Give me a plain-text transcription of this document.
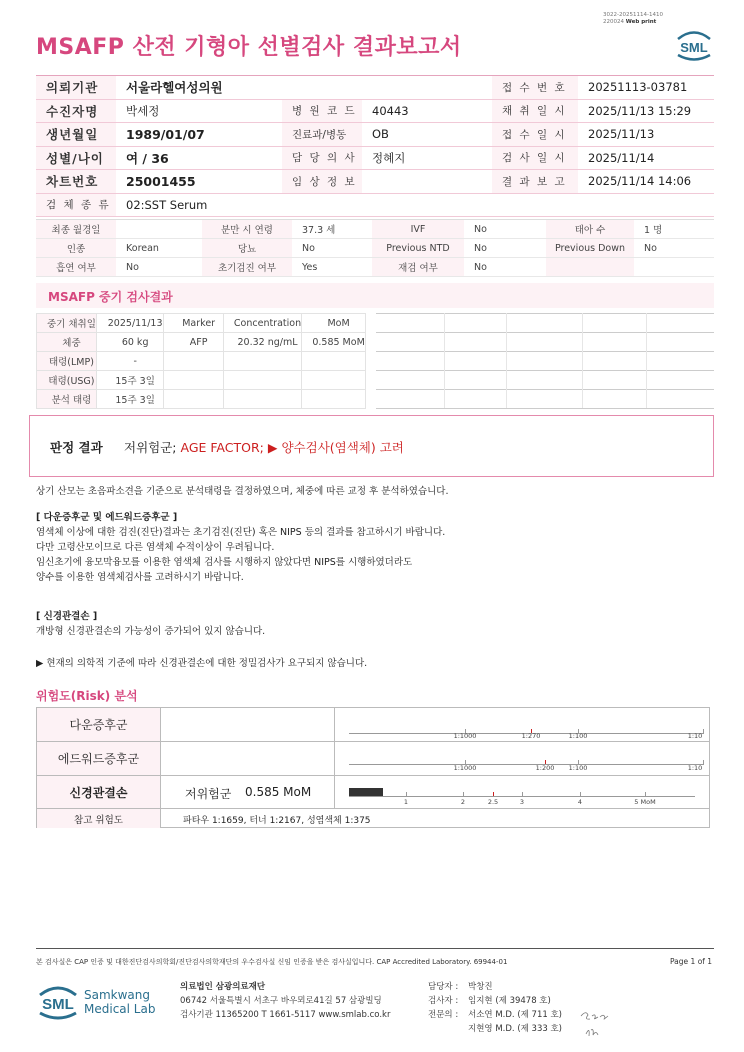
MSAFP 산전 기형아 선별검사 결과보고서
3022-20251114-1410
220024 Web print
SML
의뢰기관	서울라헬여성의원			접 수 번 호	20251113-03781
수진자명	박세정	병 원 코 드	40443	채 취 일 시	2025/11/13 15:29
생년월일	1989/01/07	진료과/병동	OB	접 수 일 시	2025/11/13
성별/나이	여 / 36	담 당 의 사	정혜지	검 사 일 시	2025/11/14
차트번호	25001455	임 상 정 보		결 과 보 고	2025/11/14 14:06
검 체 종 류	02:SST Serum				
최종 월경일		분만 시 연령	37.3 세	IVF	No	태아 수	1 명
인종	Korean	당뇨	No	Previous NTD	No	Previous Down	No
흡연 여부	No	초기검진 여부	Yes	재검 여부	No		
MSAFP 중기 검사결과
중기 채취일	2025/11/13	Marker	Concentration	MoM
체중	60 kg	AFP	20.32 ng/mL	0.585 MoM
태령(LMP)	-			
태령(USG)	15주 3일			
분석 태령	15주 3일			
판정 결과 저위험군; AGE FACTOR; ▶ 양수검사(염색체) 고려
상기 산모는 초음파소견을 기준으로 분석태령을 결정하였으며, 체중에 따른 교정 후 분석하였습니다.
[ 다운증후군 및 에드워드증후군 ]
염색체 이상에 대한 검진(진단)결과는 초기검진(진단) 혹은 NIPS 등의 결과를 참고하시기 바랍니다.
다만 고령산모이므로 다른 염색체 수적이상이 우려됩니다.
임신초기에 융모막융모를 이용한 염색체 검사를 시행하지 않았다면 NIPS를 시행하였더라도
양수를 이용한 염색체검사를 고려하시기 바랍니다.
[ 신경관결손 ]
개방형 신경관결손의 가능성이 증가되어 있지 않습니다.
▶ 현재의 의학적 기준에 따라 신경관결손에 대한 정밀검사가 요구되지 않습니다.
위험도(Risk) 분석
다운증후군
1:1000	1:270	1:100	1:10
에드워드증후군
1:1000	1:200 1:100	1:10
신경관결손	저위험군 0.585 MoM
1	2	2.5	3	4	5 MoM
참고 위험도	파타우 1:1659, 터너 1:2167, 성염색체 1:375
본 검사실은 CAP 인증 및 대한진단검사의학회/진단검사의학재단의 우수검사실 신임 인증을 받은 검사실입니다. CAP Accredited Laboratory. 69944-01	Page 1 of 1
SML
Samkwang
Medical Lab
의료법인 삼광의료재단
06742 서울특별시 서초구 바우뫼로41길 57 삼광빌딩
검사기관 11365200 T 1661-5117 www.smlab.co.kr
담당자 : 박창진
검사자 : 임지현 (제 39478 호)
전문의 : 서소연 M.D. (제 711 호)
지현영 M.D. (제 333 호)
